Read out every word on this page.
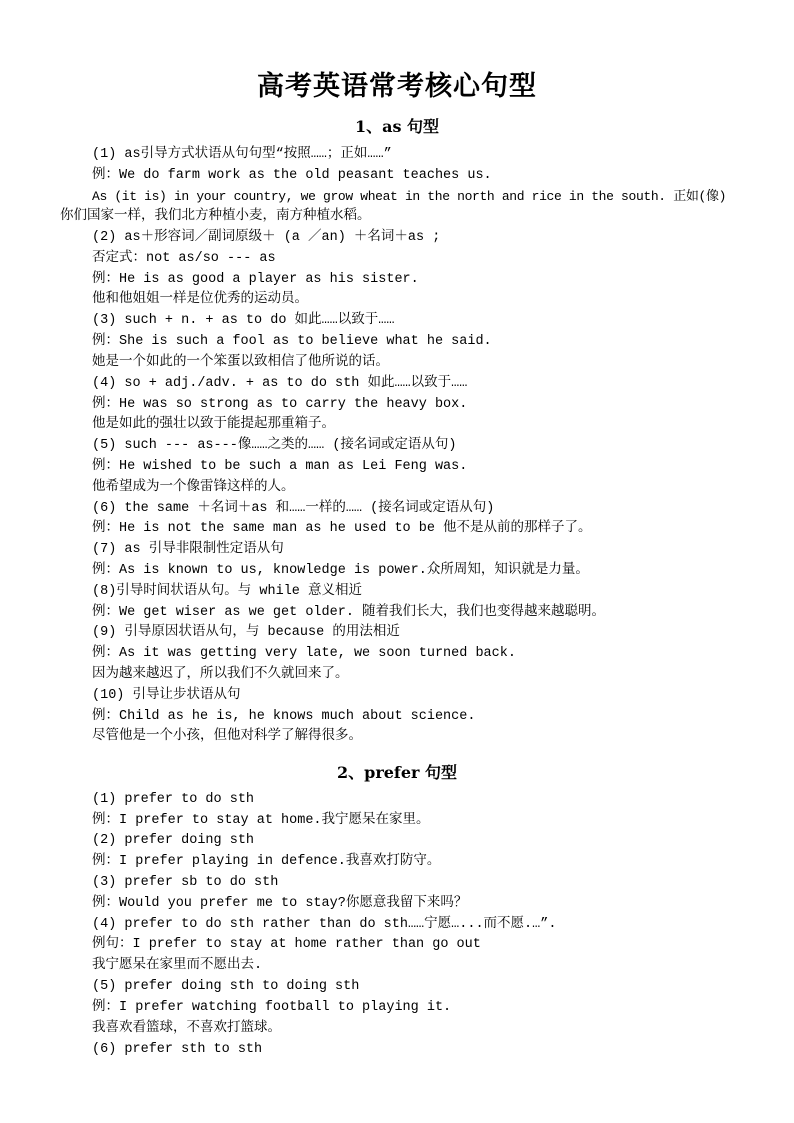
高考英语常考核心句型
1、as 句型
(1) as引导方式状语从句句型“按照……；正如……”
例：We do farm work as the old peasant teaches us.
As (it is) in your country, we grow wheat in the north and rice in the south. 正如(像)
你们国家一样，我们北方种植小麦，南方种植水稻。
(2) as＋形容词／副词原级＋ (a ／an) ＋名词＋as ;
否定式：not as/so --- as
例：He is as good a player as his sister.
他和他姐姐一样是位优秀的运动员。
(3) such + n. + as to do 如此……以致于……
例：She is such a fool as to believe what he said.
她是一个如此的一个笨蛋以致相信了他所说的话。
(4) so + adj./adv. + as to do sth 如此……以致于……
例：He was so strong as to carry the heavy box.
他是如此的强壮以致于能提起那重箱子。
(5) such --- as---像……之类的…… (接名词或定语从句)
例：He wished to be such a man as Lei Feng was.
他希望成为一个像雷锋这样的人。
(6) the same ＋名词＋as 和……一样的…… (接名词或定语从句)
例：He is not the same man as he used to be 他不是从前的那样子了。
(7) as 引导非限制性定语从句
例：As is known to us, knowledge is power.众所周知，知识就是力量。
(8)引导时间状语从句。与 while 意义相近
例：We get wiser as we get older. 随着我们长大，我们也变得越来越聪明。
(9) 引导原因状语从句，与 because 的用法相近
例：As it was getting very late, we soon turned back.
因为越来越迟了，所以我们不久就回来了。
(10) 引导让步状语从句
例：Child as he is, he knows much about science.
尽管他是一个小孩，但他对科学了解得很多。
2、prefer 句型
(1) prefer to do sth
例：I prefer to stay at home.我宁愿呆在家里。
(2) prefer doing sth
例：I prefer playing in defence.我喜欢打防守。
(3) prefer sb to do sth
例：Would you prefer me to stay?你愿意我留下来吗？
(4) prefer to do sth rather than do sth……宁愿…...而不愿.…”.
例句：I prefer to stay at home rather than go out
我宁愿呆在家里而不愿出去.
(5) prefer doing sth to doing sth
例：I prefer watching football to playing it.
我喜欢看篮球，不喜欢打篮球。
(6) prefer sth to sth
